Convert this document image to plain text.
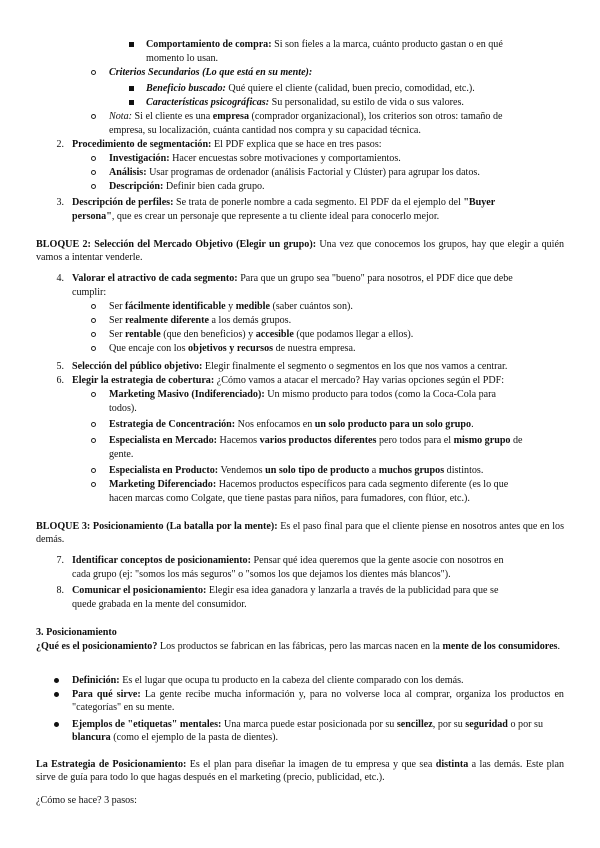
Comportamiento de compra: Si son fieles a la marca, cuánto producto gastan o en qué
momento lo usan.
Criterios Secundarios (Lo que está en su mente):
Beneficio buscado: Qué quiere el cliente (calidad, buen precio, comodidad, etc.).
Características psicográficas: Su personalidad, su estilo de vida o sus valores.
Nota: Si el cliente es una empresa (comprador organizacional), los criterios son otros: tamaño de
empresa, su localización, cuánta cantidad nos compra y su capacidad técnica.
2. Procedimiento de segmentación: El PDF explica que se hace en tres pasos:
Investigación: Hacer encuestas sobre motivaciones y comportamientos.
Análisis: Usar programas de ordenador (análisis Factorial y Clúster) para agrupar los datos.
Descripción: Definir bien cada grupo.
3. Descripción de perfiles: Se trata de ponerle nombre a cada segmento. El PDF da el ejemplo del "Buyer
persona", que es crear un personaje que represente a tu cliente ideal para conocerlo mejor.
BLOQUE 2: Selección del Mercado Objetivo (Elegir un grupo): Una vez que conocemos los grupos, hay que elegir a quién vamos a intentar venderle.
4. Valorar el atractivo de cada segmento: Para que un grupo sea "bueno" para nosotros, el PDF dice que debe
cumplir:
Ser fácilmente identificable y medible (saber cuántos son).
Ser realmente diferente a los demás grupos.
Ser rentable (que den beneficios) y accesible (que podamos llegar a ellos).
Que encaje con los objetivos y recursos de nuestra empresa.
5. Selección del público objetivo: Elegir finalmente el segmento o segmentos en los que nos vamos a centrar.
6. Elegir la estrategia de cobertura: ¿Cómo vamos a atacar el mercado? Hay varias opciones según el PDF:
Marketing Masivo (Indiferenciado): Un mismo producto para todos (como la Coca-Cola para
todos).
Estrategia de Concentración: Nos enfocamos en un solo producto para un solo grupo.
Especialista en Mercado: Hacemos varios productos diferentes pero todos para el mismo grupo de
gente.
Especialista en Producto: Vendemos un solo tipo de producto a muchos grupos distintos.
Marketing Diferenciado: Hacemos productos específicos para cada segmento diferente (es lo que
hacen marcas como Colgate, que tiene pastas para niños, para fumadores, con flúor, etc.).
BLOQUE 3: Posicionamiento (La batalla por la mente): Es el paso final para que el cliente piense en nosotros antes que en los demás.
7. Identificar conceptos de posicionamiento: Pensar qué idea queremos que la gente asocie con nosotros en
cada grupo (ej: "somos los más seguros" o "somos los que dejamos los dientes más blancos").
8. Comunicar el posicionamiento: Elegir esa idea ganadora y lanzarla a través de la publicidad para que se
quede grabada en la mente del consumidor.
3. Posicionamiento
¿Qué es el posicionamiento? Los productos se fabrican en las fábricas, pero las marcas nacen en la mente de los consumidores.
Definición: Es el lugar que ocupa tu producto en la cabeza del cliente comparado con los demás.
Para qué sirve: La gente recibe mucha información y, para no volverse loca al comprar, organiza los productos en "categorías" en su mente.
Ejemplos de "etiquetas" mentales: Una marca puede estar posicionada por su sencillez, por su seguridad o por su blancura (como el ejemplo de la pasta de dientes).
La Estrategia de Posicionamiento: Es el plan para diseñar la imagen de tu empresa y que sea distinta a las demás. Este plan sirve de guía para todo lo que hagas después en el marketing (precio, publicidad, etc.).
¿Cómo se hace? 3 pasos:
